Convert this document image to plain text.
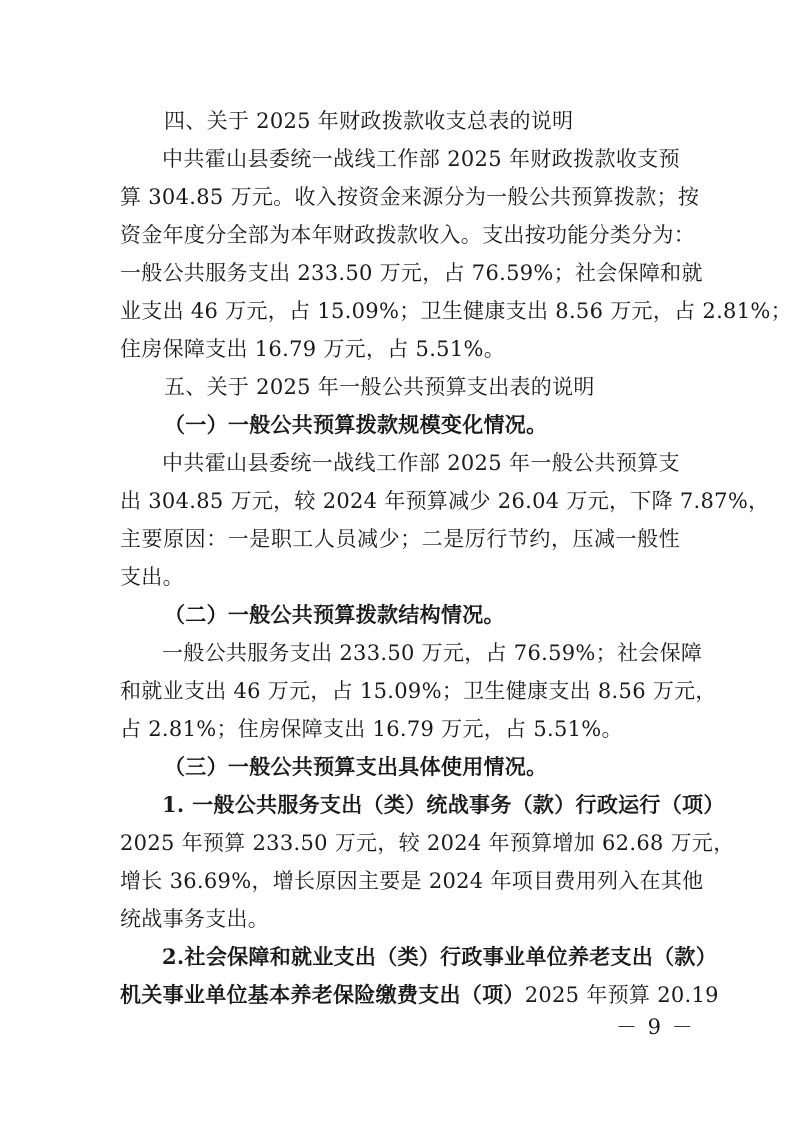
四、关于 2025 年财政拨款收支总表的说明
中共霍山县委统一战线工作部 2025 年财政拨款收支预
算 304.85 万元。收入按资金来源分为一般公共预算拨款；按
资金年度分全部为本年财政拨款收入。支出按功能分类分为：
一般公共服务支出 233.50 万元，占 76.59%；社会保障和就
业支出 46 万元，占 15.09%；卫生健康支出 8.56 万元，占 2.81%；
住房保障支出 16.79 万元，占 5.51%。
五、关于 2025 年一般公共预算支出表的说明
（一）一般公共预算拨款规模变化情况。
中共霍山县委统一战线工作部 2025 年一般公共预算支
出 304.85 万元，较 2024 年预算减少 26.04 万元，下降 7.87%，
主要原因：一是职工人员减少；二是厉行节约，压减一般性
支出。
（二）一般公共预算拨款结构情况。
一般公共服务支出 233.50 万元，占 76.59%；社会保障
和就业支出 46 万元，占 15.09%；卫生健康支出 8.56 万元，
占 2.81%；住房保障支出 16.79 万元，占 5.51%。
（三）一般公共预算支出具体使用情况。
1. 一般公共服务支出（类）统战事务（款）行政运行（项）
2025 年预算 233.50 万元，较 2024 年预算增加 62.68 万元，
增长 36.69%，增长原因主要是 2024 年项目费用列入在其他
统战事务支出。
2.社会保障和就业支出（类）行政事业单位养老支出（款）
机关事业单位基本养老保险缴费支出（项）2025 年预算 20.19
－ 9 －
